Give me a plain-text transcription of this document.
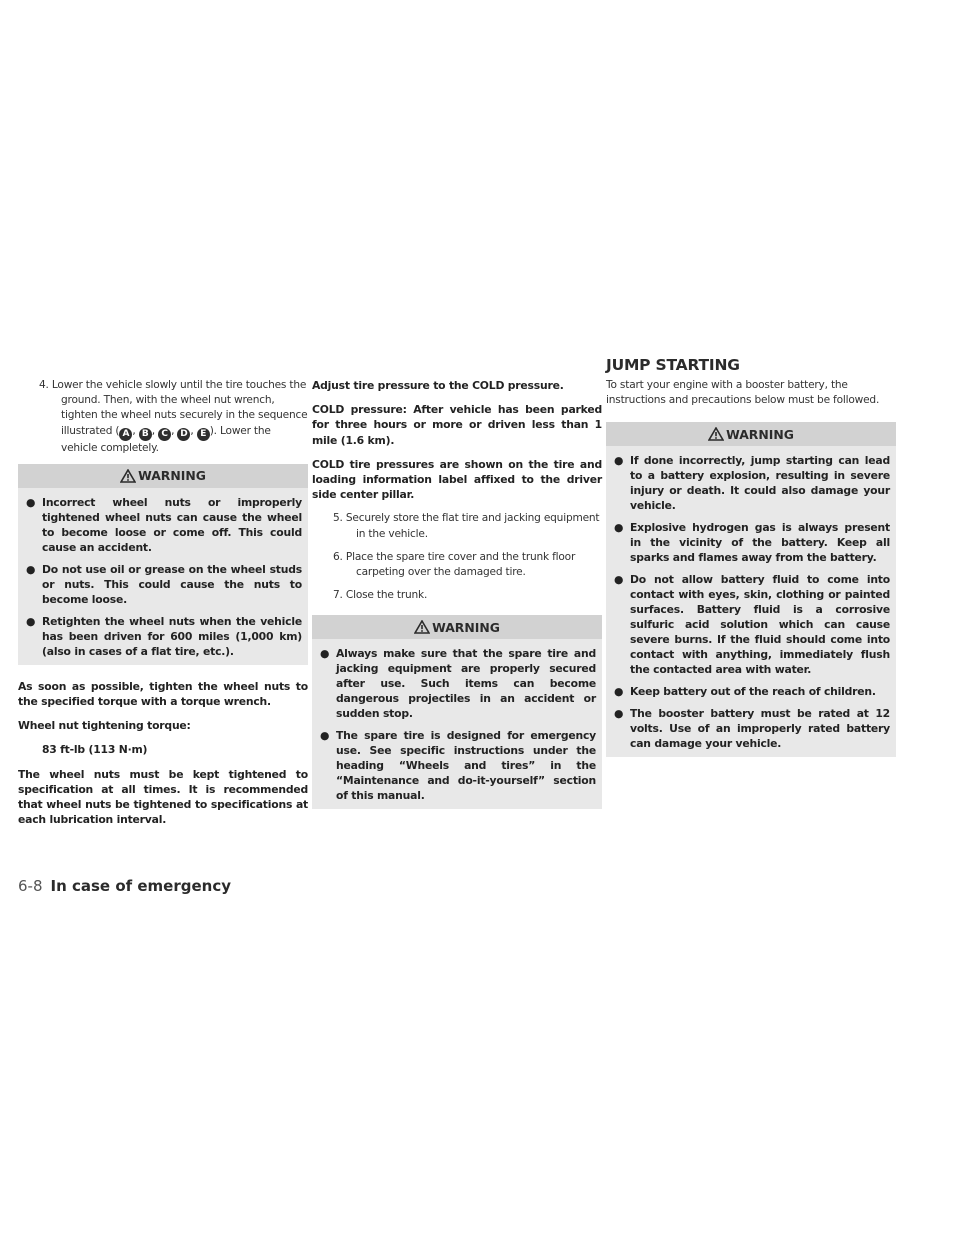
JUMP STARTING

4. Lower the vehicle slowly until the tire touches the ground. Then, with the wheel nut wrench, tighten the wheel nuts securely in the sequence illustrated ( A , B , C , D , E ). Lower the vehicle completely.

WARNING
● Incorrect wheel nuts or improperly tightened wheel nuts can cause the wheel to become loose or come off. This could cause an accident.
● Do not use oil or grease on the wheel studs or nuts. This could cause the nuts to become loose.
● Retighten the wheel nuts when the vehicle has been driven for 600 miles (1,000 km) (also in cases of a flat tire, etc.).

As soon as possible, tighten the wheel nuts to the specified torque with a torque wrench.

Wheel nut tightening torque:

83 ft-lb (113 N·m)

The wheel nuts must be kept tightened to specification at all times. It is recommended that wheel nuts be tightened to specifications at each lubrication interval.

Adjust tire pressure to the COLD pressure.

COLD pressure: After vehicle has been parked for three hours or more or driven less than 1 mile (1.6 km).

COLD tire pressures are shown on the tire and loading information label affixed to the driver side center pillar.

5. Securely store the flat tire and jacking equipment in the vehicle.

6. Place the spare tire cover and the trunk floor carpeting over the damaged tire.

7. Close the trunk.

WARNING
● Always make sure that the spare tire and jacking equipment are properly secured after use. Such items can become dangerous projectiles in an accident or sudden stop.
● The spare tire is designed for emergency use. See specific instructions under the heading “Wheels and tires” in the “Maintenance and do-it-yourself” section of this manual.

To start your engine with a booster battery, the instructions and precautions below must be followed.

WARNING
● If done incorrectly, jump starting can lead to a battery explosion, resulting in severe injury or death. It could also damage your vehicle.
● Explosive hydrogen gas is always present in the vicinity of the battery. Keep all sparks and flames away from the battery.
● Do not allow battery fluid to come into contact with eyes, skin, clothing or painted surfaces. Battery fluid is a corrosive sulfuric acid solution which can cause severe burns. If the fluid should come into contact with anything, immediately flush the contacted area with water.
● Keep battery out of the reach of children.
● The booster battery must be rated at 12 volts. Use of an improperly rated battery can damage your vehicle.
6-8 In case of emergency
